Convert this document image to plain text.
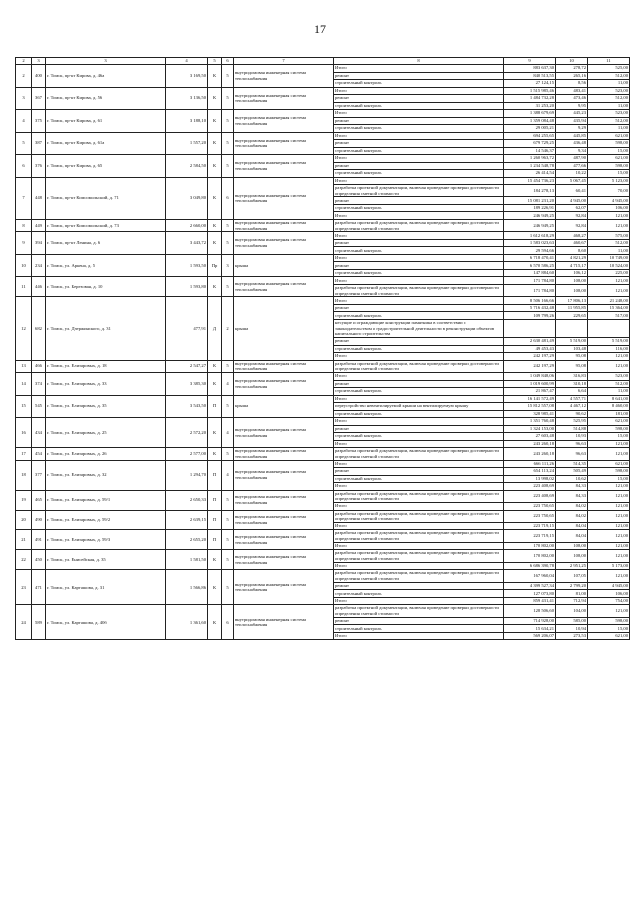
17
2	3	3	4	5	6	7	8	9	10	11
2	400	г. Томск, пр-кт Кирова, д. 46а	3 169,50	К	5	внутридомовая инженерная система теплоснабжения	Итого	883 637,30	278,72	525,00
							ремонт	840 513,55	265,16	512,00
							строительный контроль	27 124,15	8,56	11,00
3	367	г. Томск, пр-кт Кирова, д. 56	3 136,50	К	5	внутридомовая инженерная система теплоснабжения	Итого	1 515 985,46	483,41	523,00
							ремонт	1 484 732,28	473,46	512,00
							строительный контроль	31 253,20	9,95	11,00
4	375	г. Томск, пр-кт Кирова, д. 61	3 188,10	К	5	внутридомовая инженерная система теплоснабжения	Итого	1 388 679,69	445,23	523,00
							ремонт	1 359 084,48	435,94	512,00
							строительный контроль	29 005,21	9,29	11,00
5	387	г. Томск, пр-кт Кирова, д. 61а	1 557,20	К	5	внутридомовая инженерная система теплоснабжения	Итого	694 255,65	445,85	621,00
							ремонт	679 729,25	436,48	598,00
							строительный контроль	14 546,37	9,34	15,00
6	376	г. Томск, пр-кт Кирова, д. 65	2 584,50	К	5	внутридомовая инженерная система теплоснабжения	Итого	1 260 963,72	487,90	621,00
							ремонт	1 234 548,78	477,66	598,00
							строительный контроль	26 414,54	10,22	15,00
7	448	г. Томск, пр-кт Комсомольский, д. 71	3 049,80	К	6	внутридомовая инженерная система теплоснабжения	Итого	15 454 736,23	5 067,45	5 123,00
							разработка проектной документации, включая проведение проверки достоверности определения сметной стоимости	184 278,13	60,41	70,00
							ремонт	15 081 231,20	4 945,00	4 945,00
							строительный контроль	189 226,91	62,07	106,00
							Итого	246 949,25	92,84	121,00
8	449	г. Томск, пр-кт Комсомольский, д. 73	2 660,00	К	5	внутридомовая инженерная система теплоснабжения	разработка проектной документации, включая проведение проверки достоверности определения сметной стоимости	246 949,25	92,84	121,00
9	394	г. Томск, пр-кт Ленина, д. 6	3 443,72	К	5	внутридомовая инженерная система теплоснабжения	Итого	1 612 618,29	468,27	575,00
							ремонт	1 583 023,63	460,67	512,00
							строительный контроль	29 594,66	8,60	11,00
10	234	г. Томск, ул. Аркена, д. 5	1 593,50	Пр	3	крыша	Итого	6 718 470,41	4 821,29	10 749,00
							ремонт	6 570 586,25	4 715,17	10 524,00
							строительный контроль	147 884,60	106,12	225,00
11	446	г. Томск, ул. Березовая, д. 10	1 593,80	К	5	внутридомовая инженерная система теплоснабжения	Итого	171 784,80	108,00	121,00
							разработка проектной документации, включая проведение проверки достоверности определения сметной стоимости	171 784,80	108,00	121,00
12	682	г. Томск, ул. Дзержинского, д. 31	477,91	Д	2	крыша	Итого	8 506 166,66	17 806,13	21 248,00
							ремонт	5 716 432,48	11 955,85	15 364,00
							строительный контроль	109 799,26	229,65	517,00
							несущие и ограждающие конструкции памятника в соответствии с законодательством о градостроительной деятельности в реконструкции объектов капитального строительства			
							ремонт	2 630 481,49	5 519,00	5 519,00
							строительный контроль	49 453,43	103,48	116,00
							Итого	242 197,29	95,08	121,00
13	466	г. Томск, ул. Елизаровых, д. 18	2 547,27	К	5	внутридомовая инженерная система теплоснабжения	разработка проектной документации, включая проведение проверки достоверности определения сметной стоимости	242 197,29	95,08	121,00
14	374	г. Томск, ул. Елизаровых, д. 33	3 385,30	К	4	внутридомовая инженерная система теплоснабжения	Итого	1 049 848,06	316,83	523,00
							ремонт	1 019 600,99	310,18	512,00
							строительный контроль	21 867,47	6,64	11,00
15	545	г. Томск, ул. Елизаровых, д. 35	3 543,50	П	5	крыша	Итого	16 141 572,49	4 557,71	8 641,00
							переустройство невентилируемой крыши на вентилируемую крышу	15 812 557,08	4 467,12	8 460,00
							строительный контроль	328 985,41	90,62	181,00
16	434	г. Томск, ул. Елизаровых, д. 25	2 572,20	К	4	внутридомовая инженерная система теплоснабжения	Итого	1 351 760,48	525,95	621,00
							ремонт	1 324 153,00	514,88	598,00
							строительный контроль	27 603,48	10,93	15,00
							Итого	243 260,18	96,63	121,00
17	454	г. Томск, ул. Елизаровых, д. 26	2 577,00	К	5	внутридомовая инженерная система теплоснабжения	разработка проектной документации, включая проведение проверки достоверности определения сметной стоимости	243 260,18	96,63	121,00
18	377	г. Томск, ул. Елизаровых, д. 32	1 294,70	П	4	внутридомовая инженерная система теплоснабжения	Итого	666 111,26	514,35	621,00
							ремонт	654 113,24	505,49	598,00
							строительный контроль	13 998,02	10,62	15,00
							Итого	223 408,69	84,33	121,00
19	465	г. Томск, ул. Елизаровых, д. 59/1	2 650,33	П	5	внутридомовая инженерная система теплоснабжения	разработка проектной документации, включая проведение проверки достоверности определения сметной стоимости	223 408,69	84,33	121,00
							Итого	223 750,65	84,02	121,00
20	490	г. Томск, ул. Елизаровых, д. 59/2	2 639,15	П	5	внутридомовая инженерная система теплоснабжения	разработка проектной документации, включая проведение проверки достоверности определения сметной стоимости	223 750,65	84,02	121,00
							Итого	223 719,15	84,04	121,00
21	491	г. Томск, ул. Елизаровых, д. 59/3	2 655,20	П	5	внутридомовая инженерная система теплоснабжения	разработка проектной документации, включая проведение проверки достоверности определения сметной стоимости	223 719,15	84,04	121,00
							Итого	170 802,00	108,00	121,00
22	450	г. Томск, ул. Енисейская, д. 35	1 581,50	К	5	внутридомовая инженерная система теплоснабжения	разработка проектной документации, включая проведение проверки достоверности определения сметной стоимости	170 802,00	108,00	121,00
							Итого	6 686 390,78	2 951,25	5 173,00
23	471	г. Томск, ул. Карташова, д. 31	1 566,86	К	5	внутридомовая инженерная система теплоснабжения	разработка проектной документации, включая проведение проверки достоверности определения сметной стоимости	167 960,04	107,05	121,00
							ремонт	4 399 527,34	2 799,20	4 945,00
							строительный контроль	127 073,80	81,00	106,00
							Итого	859 431,41	712,94	754,00
24	589	г. Томск, ул. Карташова, д. 40б	1 361,60	К	6	внутридомовая инженерная система теплоснабжения	разработка проектной документации, включая проведение проверки достоверности определения сметной стоимости	128 506,60	104,00	121,00
							ремонт	714 928,00	585,00	598,00
							строительный контроль	15 634,21	10,94	15,00
							Итого	569 206,07	273,53	621,00
